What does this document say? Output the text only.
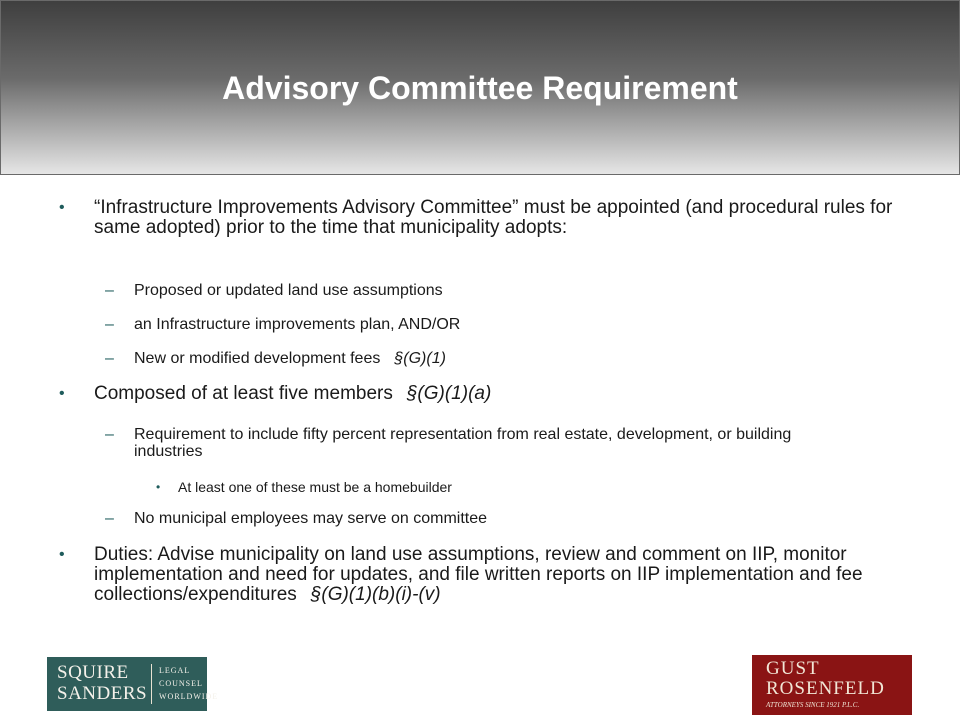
Advisory Committee Requirement
• “Infrastructure Improvements Advisory Committee” must be appointed (and procedural rules for same adopted) prior to the time that municipality adopts:
– Proposed or updated land use assumptions
– an Infrastructure improvements plan, AND/OR
– New or modified development fees §(G)(1)
• Composed of at least five members §(G)(1)(a)
– Requirement to include fifty percent representation from real estate, development, or building industries
• At least one of these must be a homebuilder
– No municipal employees may serve on committee
• Duties: Advise municipality on land use assumptions, review and comment on IIP, monitor implementation and need for updates, and file written reports on IIP implementation and fee collections/expenditures §(G)(1)(b)(i)-(v)
SQUIRE
SANDERS
LEGAL
COUNSEL
WORLDWIDE
GUST
ROSENFELD
ATTORNEYS SINCE 1921 P.L.C.
